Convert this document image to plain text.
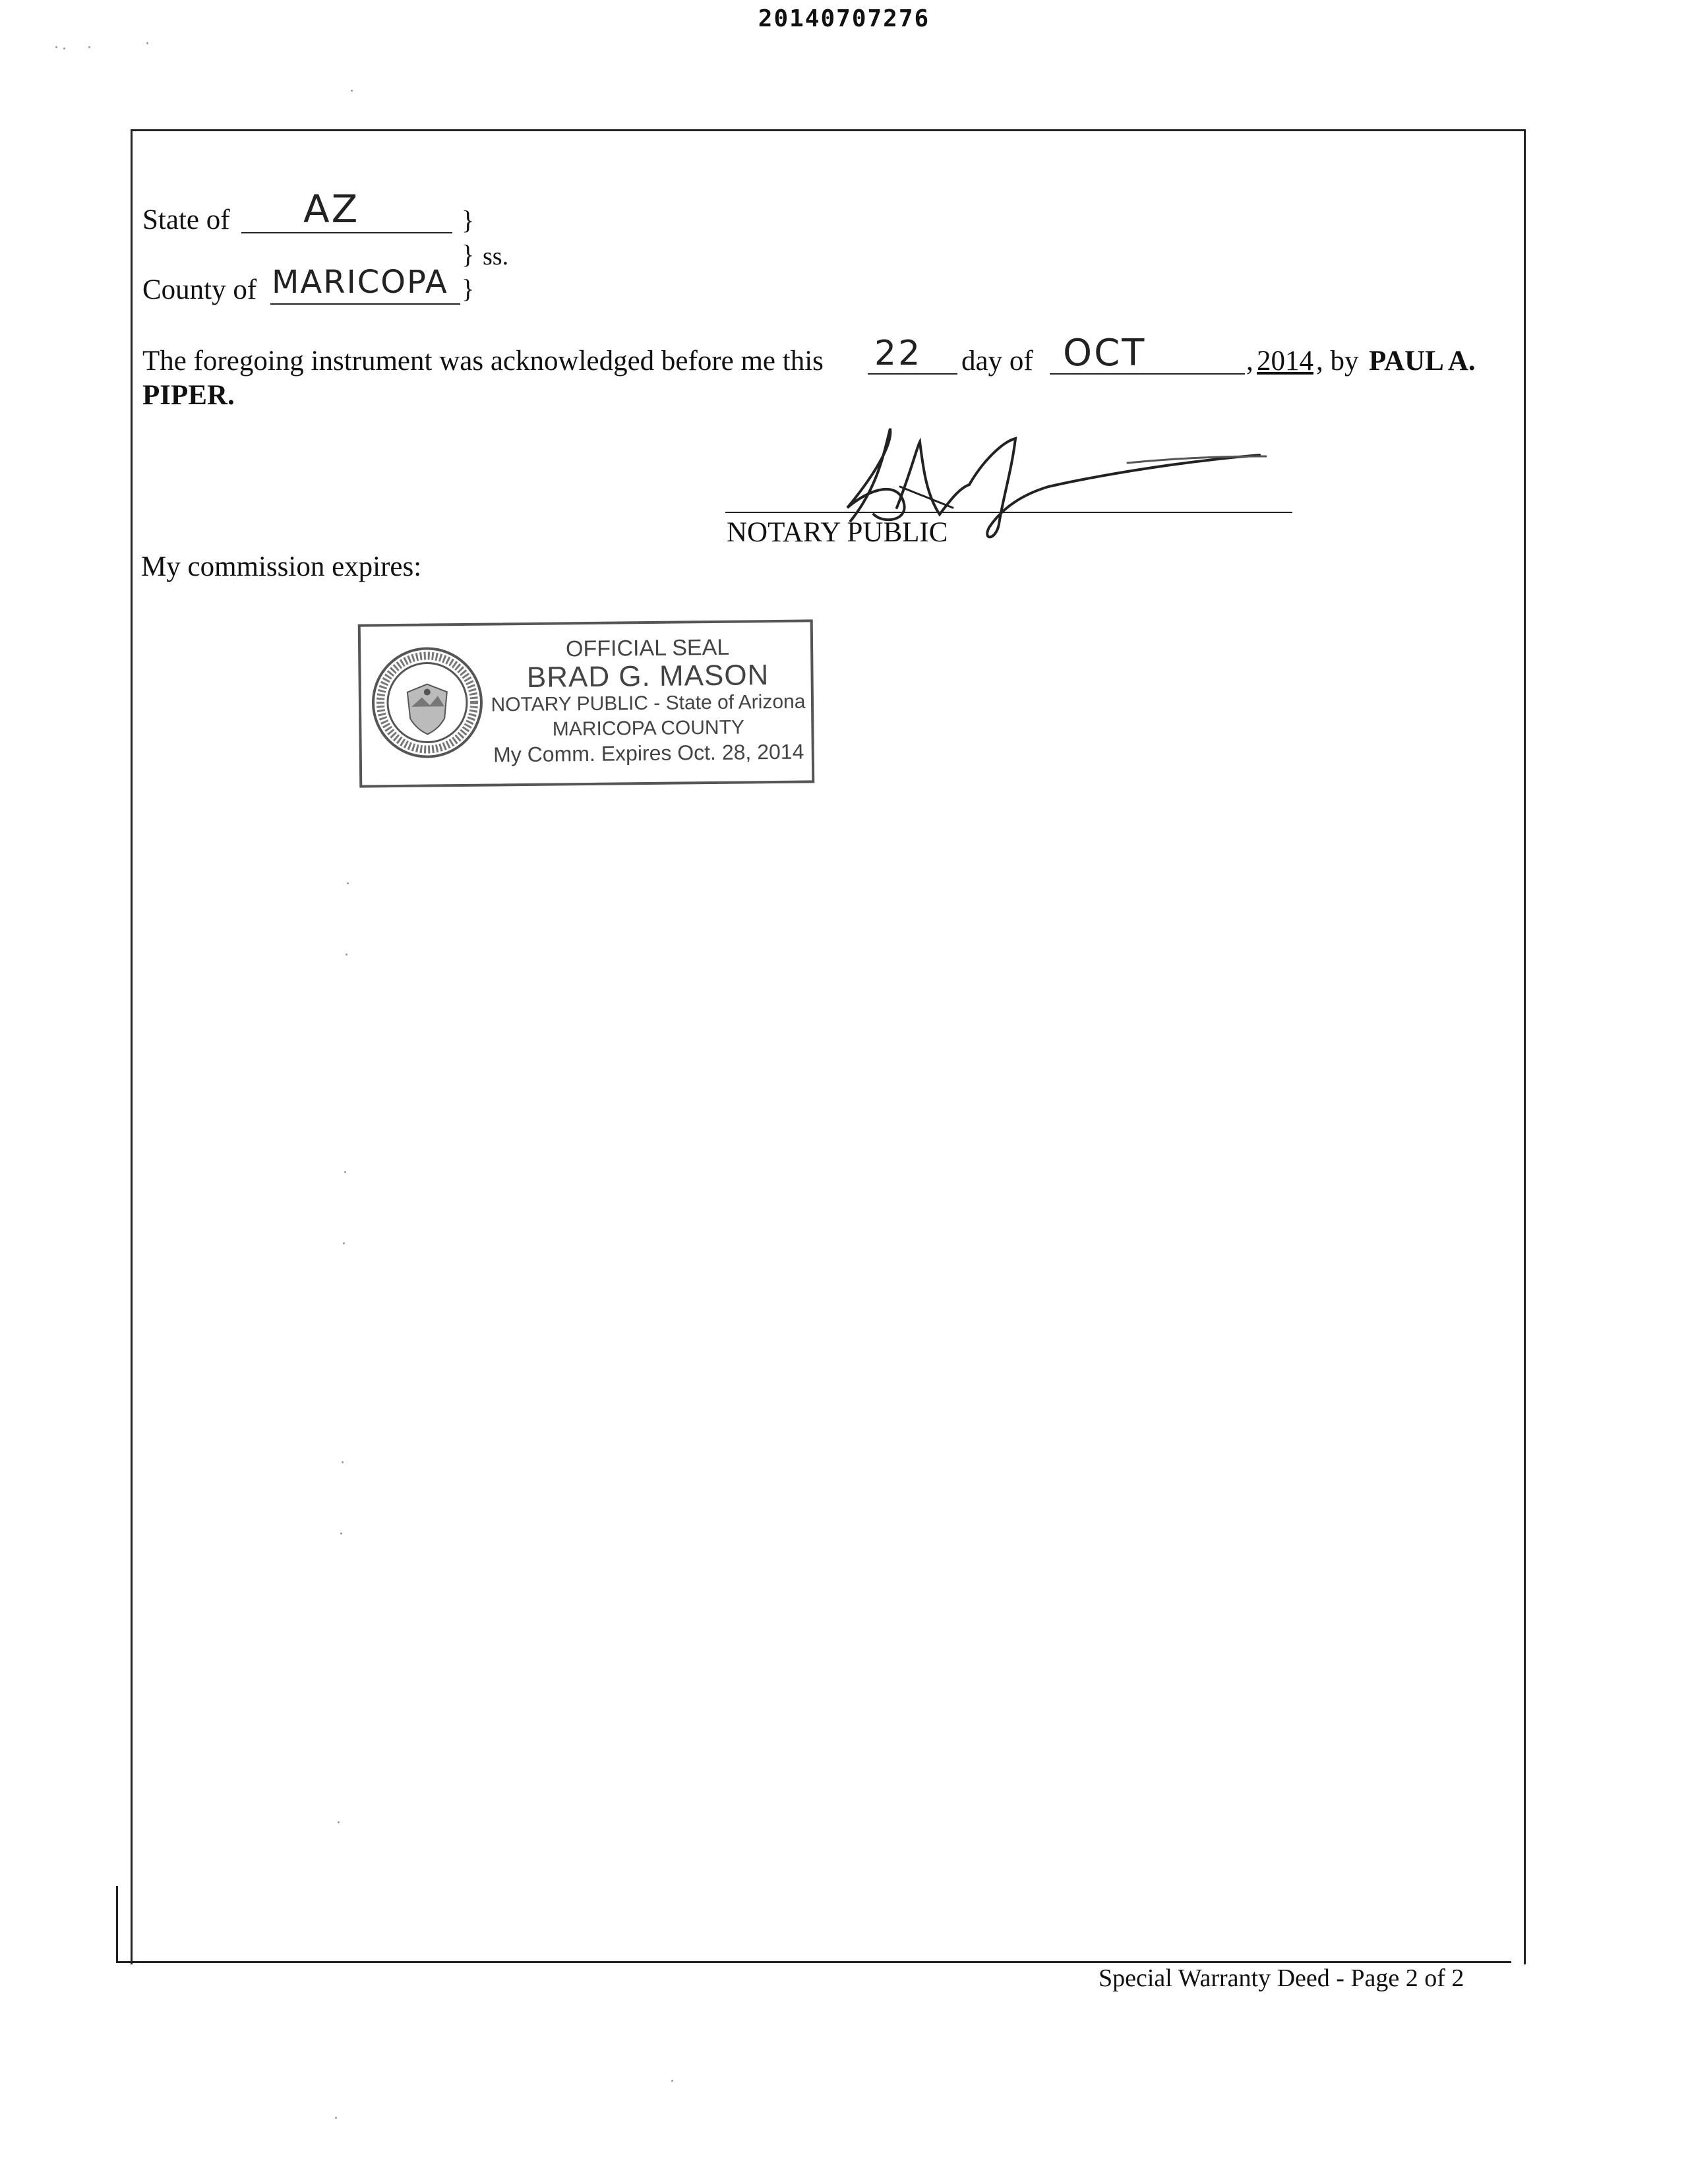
20140707276
State of AZ	}
} ss.
County of MARICOPA }
The foregoing instrument was acknowledged before me this 22 day of OCT	, 2014 , by PAUL A.
PIPER.
NOTARY PUBLIC
My commission expires:
OFFICIAL SEAL
BRAD G. MASON
NOTARY PUBLIC - State of Arizona
MARICOPA COUNTY
My Comm. Expires Oct. 28, 2014
Special Warranty Deed - Page 2 of 2
